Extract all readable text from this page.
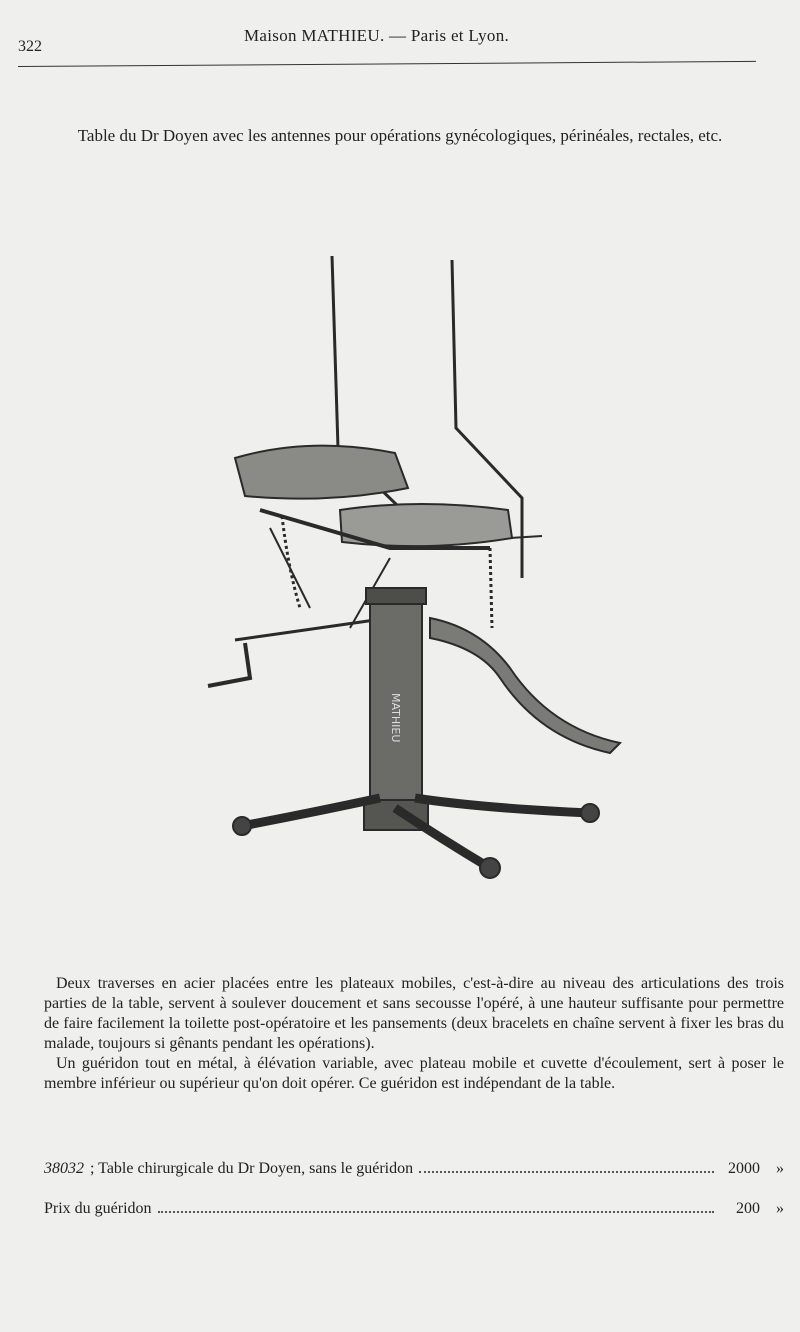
322
Maison MATHIEU. — Paris et Lyon.
Table du Dr Doyen avec les antennes pour opérations gynécologiques, périnéales, rectales, etc.
MATHIEU

Deux traverses en acier placées entre les plateaux mobiles, c'est-à-dire au niveau des articulations des trois parties de la table, servent à soulever doucement et sans secousse l'opéré, à une hauteur suffisante pour permettre de faire facilement la toilette post-opératoire et les pansements (deux bracelets en chaîne servent à fixer les bras du malade, toujours si gênants pendant les opérations).

Un guéridon tout en métal, à élévation variable, avec plateau mobile et cuvette d'écoulement, sert à poser le membre inférieur ou supérieur qu'on doit opérer. Ce guéridon est indépendant de la table.

38032 ; Table chirurgicale du Dr Doyen, sans le guéridon	2000	»
Prix du guéridon	200	»
